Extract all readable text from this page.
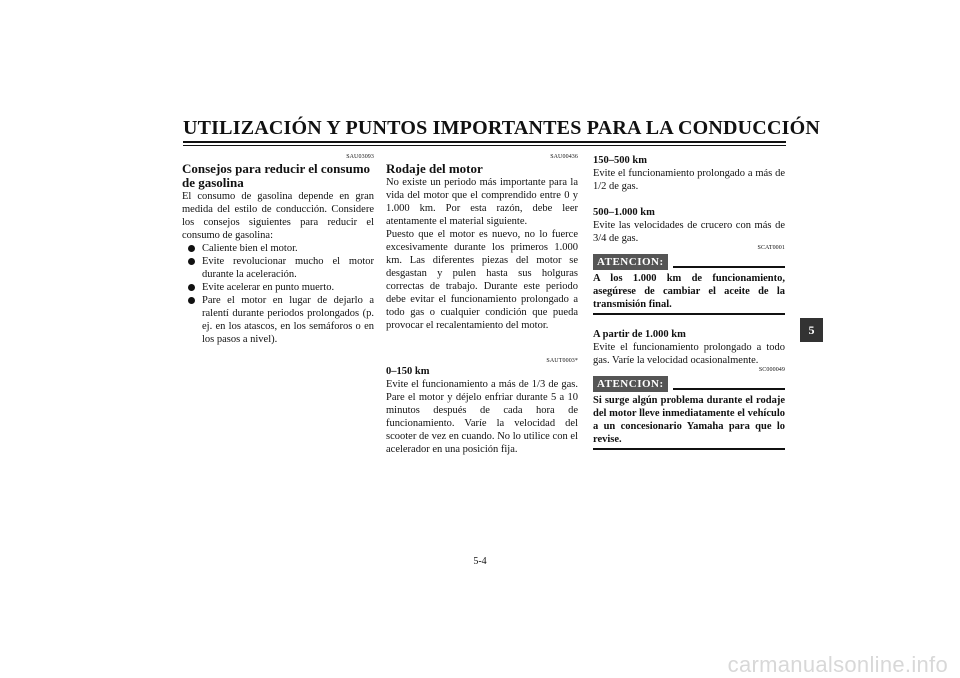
UTILIZACIÓN Y PUNTOS IMPORTANTES PARA LA CONDUCCIÓN
SAU03093
Consejos para reducir el consumo de gasolina

El consumo de gasolina depende en gran medida del estilo de conducción. Considere los consejos siguientes para reducir el consumo de gasolina:

Caliente bien el motor.
Evite revolucionar mucho el motor durante la aceleración.
Evite acelerar en punto muerto.
Pare el motor en lugar de dejarlo a ralentí durante periodos prolongados (p. ej. en los atascos, en los semáforos o en los pasos a nivel).
SAU00436
Rodaje del motor

No existe un periodo más importante para la vida del motor que el comprendido entre 0 y 1.000 km. Por esta razón, debe leer atentamente el material siguiente.

Puesto que el motor es nuevo, no lo fuerce excesivamente durante los primeros 1.000 km. Las diferentes piezas del motor se desgastan y pulen hasta sus holguras correctas de trabajo. Durante este periodo debe evitar el funcionamiento prolongado a todo gas o cualquier condición que pueda provocar el recalentamiento del motor.

SAUT0003*
0–150 km

Evite el funcionamiento a más de 1/3 de gas. Pare el motor y déjelo enfriar durante 5 a 10 minutos después de cada hora de funcionamiento. Varíe la velocidad del scooter de vez en cuando. No lo utilice con el acelerador en una posición fija.

150–500 km

Evite el funcionamiento prolongado a más de 1/2 de gas.

500–1.000 km

Evite las velocidades de crucero con más de 3/4 de gas.

SCAT0001
ATENCION:
A los 1.000 km de funcionamiento, asegúrese de cambiar el aceite de la transmisión final.
A partir de 1.000 km

Evite el funcionamiento prolongado a todo gas. Varíe la velocidad ocasionalmente.

SC000049
ATENCION:
Si surge algún problema durante el rodaje del motor lleve inmediatamente el vehículo a un concesionario Yamaha para que lo revise.
5
5-4
carmanualsonline.info
